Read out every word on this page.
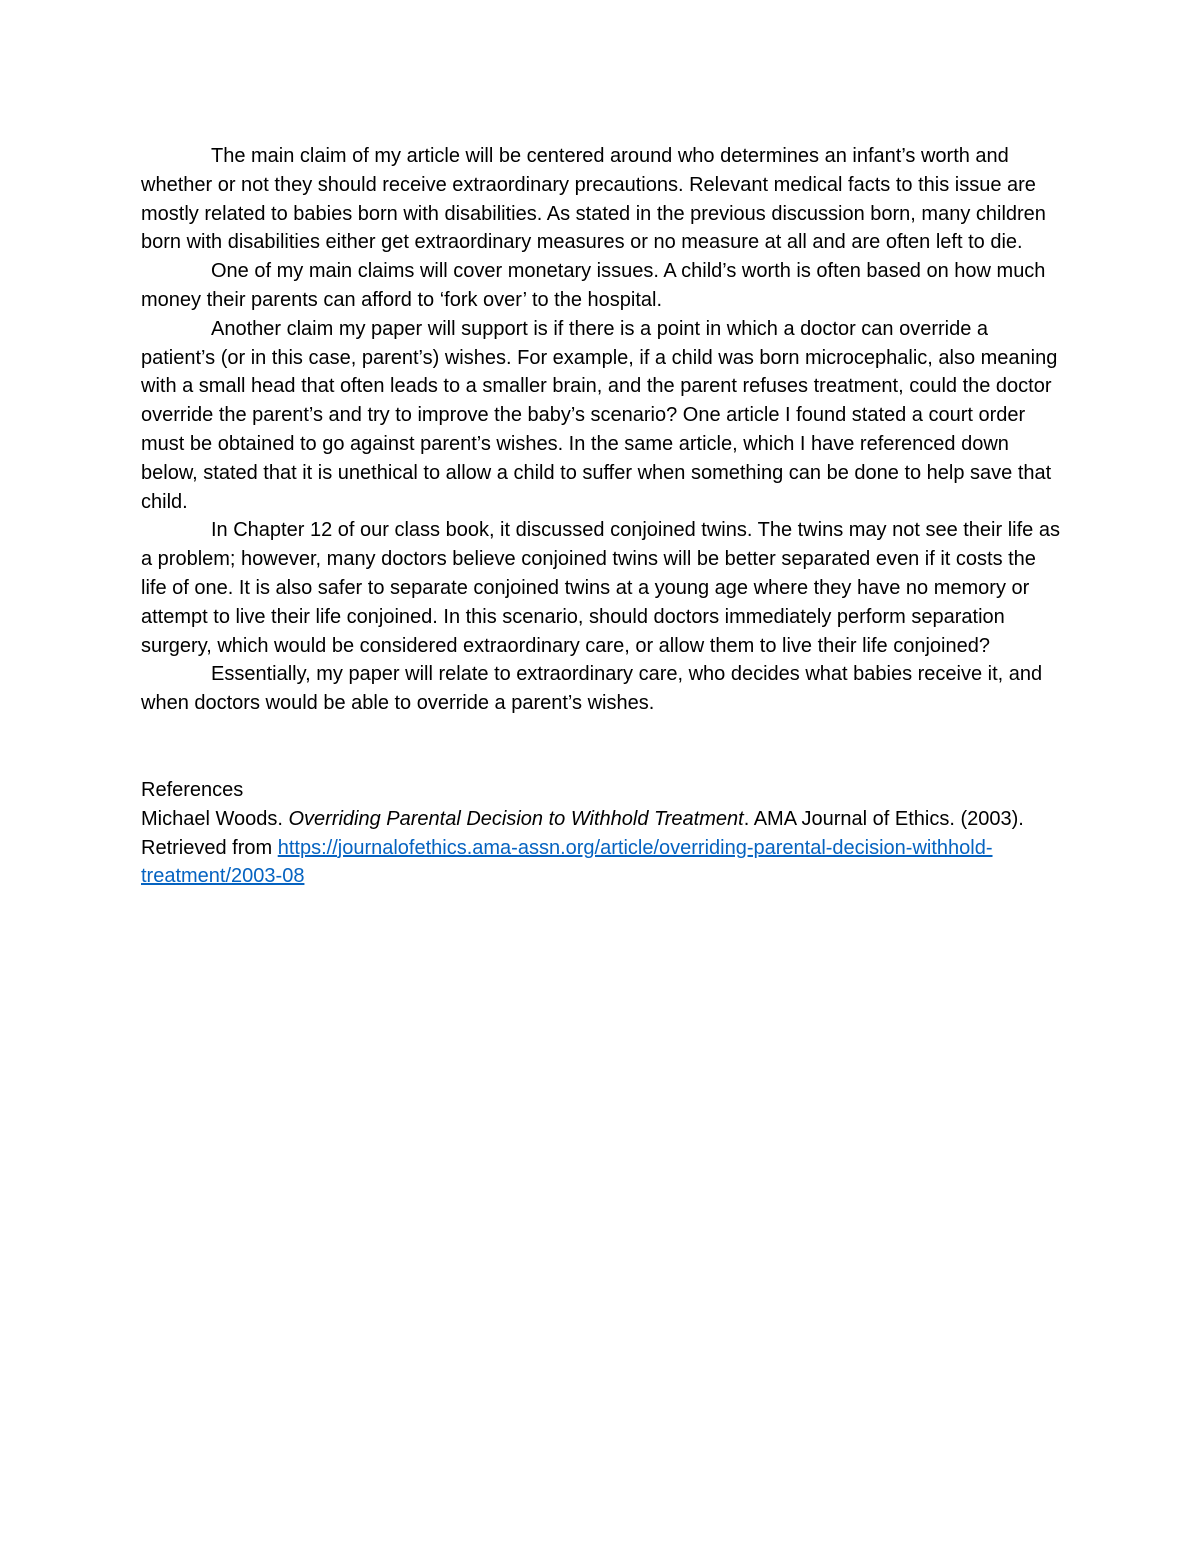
The main claim of my article will be centered around who determines an infant’s worth and whether or not they should receive extraordinary precautions. Relevant medical facts to this issue are mostly related to babies born with disabilities. As stated in the previous discussion born, many children born with disabilities either get extraordinary measures or no measure at all and are often left to die.

One of my main claims will cover monetary issues. A child’s worth is often based on how much money their parents can afford to ‘fork over’ to the hospital.

Another claim my paper will support is if there is a point in which a doctor can override a patient’s (or in this case, parent’s) wishes. For example, if a child was born microcephalic, also meaning with a small head that often leads to a smaller brain, and the parent refuses treatment, could the doctor override the parent’s and try to improve the baby’s scenario? One article I found stated a court order must be obtained to go against parent’s wishes. In the same article, which I have referenced down below, stated that it is unethical to allow a child to suffer when something can be done to help save that child.

In Chapter 12 of our class book, it discussed conjoined twins. The twins may not see their life as a problem; however, many doctors believe conjoined twins will be better separated even if it costs the life of one. It is also safer to separate conjoined twins at a young age where they have no memory or attempt to live their life conjoined. In this scenario, should doctors immediately perform separation surgery, which would be considered extraordinary care, or allow them to live their life conjoined?

Essentially, my paper will relate to extraordinary care, who decides what babies receive it, and when doctors would be able to override a parent’s wishes.

References

Michael Woods. Overriding Parental Decision to Withhold Treatment. AMA Journal of Ethics. (2003). Retrieved from https://journalofethics.ama-assn.org/article/overriding-parental-decision-withhold-treatment/2003-08
